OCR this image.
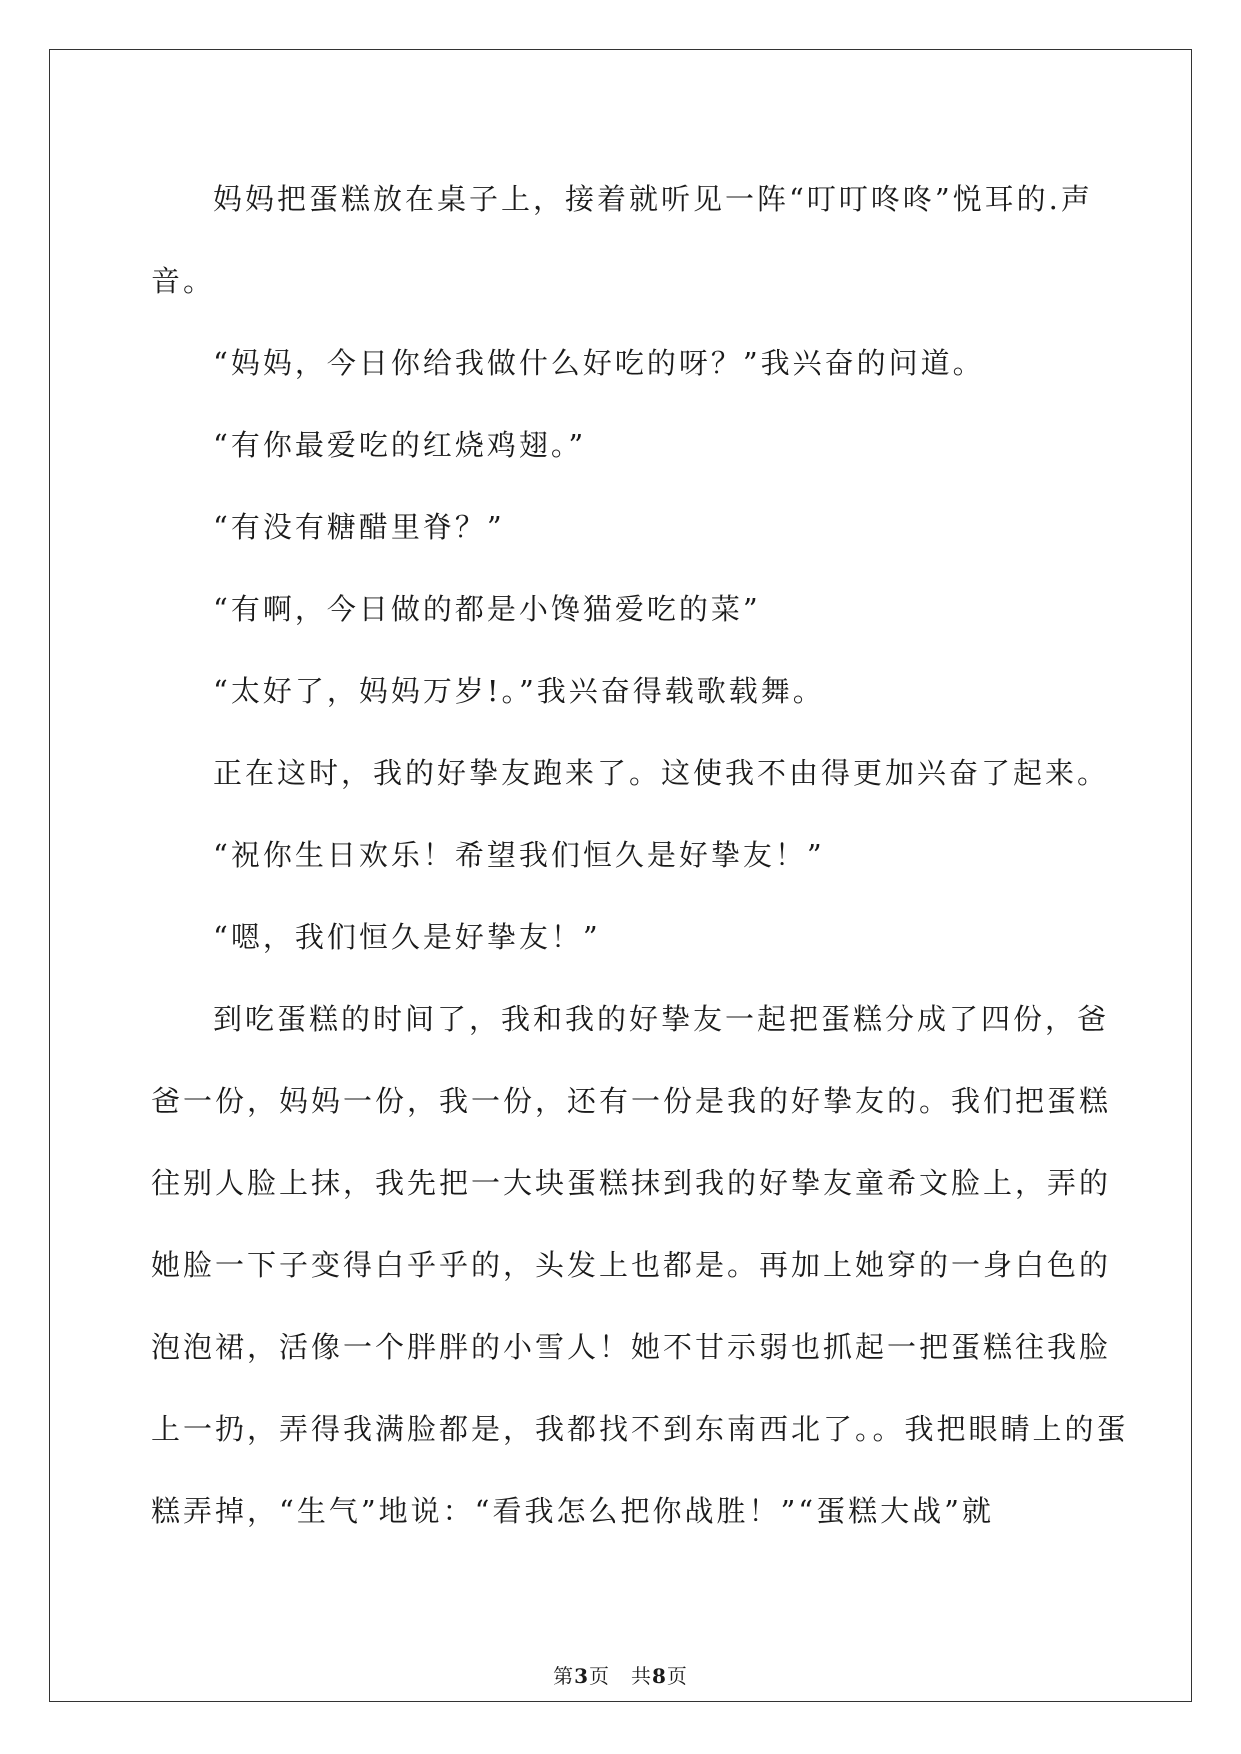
妈妈把蛋糕放在桌子上，接着就听见一阵“叮叮咚咚”悦耳的.声
音。
“妈妈，今日你给我做什么好吃的呀？”我兴奋的问道。
“有你最爱吃的红烧鸡翅。”
“有没有糖醋里脊？”
“有啊，今日做的都是小馋猫爱吃的菜”
“太好了，妈妈万岁!。”我兴奋得载歌载舞。
正在这时，我的好挚友跑来了。这使我不由得更加兴奋了起来。
“祝你生日欢乐！希望我们恒久是好挚友！”
“嗯，我们恒久是好挚友！”
到吃蛋糕的时间了，我和我的好挚友一起把蛋糕分成了四份，爸
爸一份，妈妈一份，我一份，还有一份是我的好挚友的。我们把蛋糕
往别人脸上抹，我先把一大块蛋糕抹到我的好挚友童希文脸上，弄的
她脸一下子变得白乎乎的，头发上也都是。再加上她穿的一身白色的
泡泡裙，活像一个胖胖的小雪人！她不甘示弱也抓起一把蛋糕往我脸
上一扔，弄得我满脸都是，我都找不到东南西北了。。我把眼睛上的蛋
糕弄掉，“生气”地说：“看我怎么把你战胜！”“蛋糕大战”就
第3页　共8页
